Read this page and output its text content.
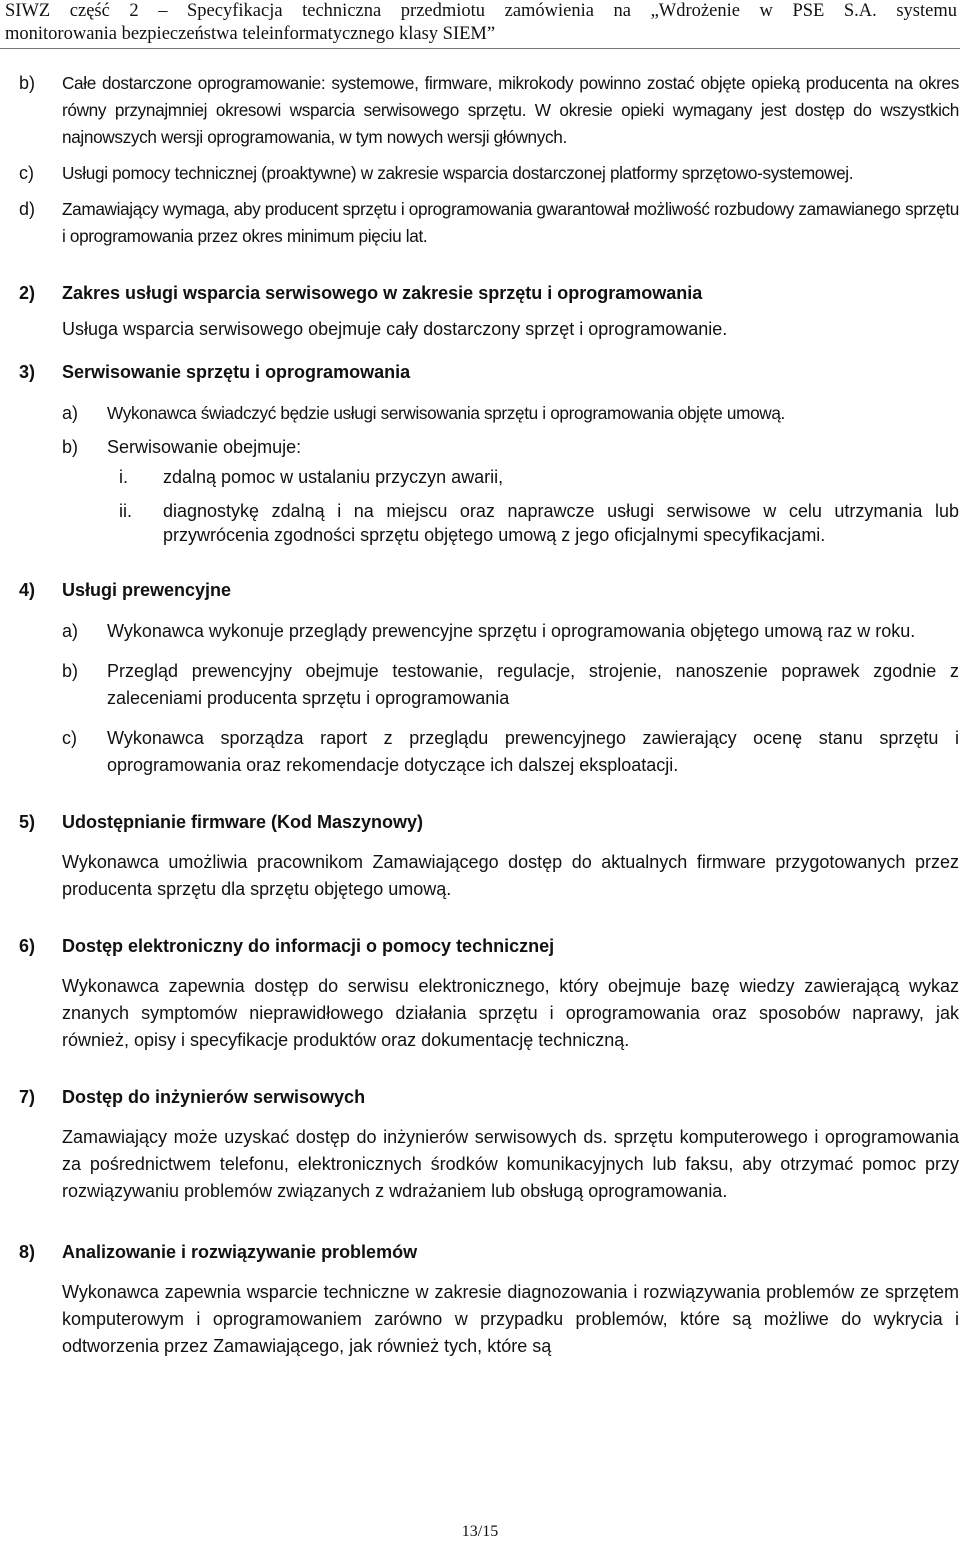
SIWZ część 2 – Specyfikacja techniczna przedmiotu zamówienia na „Wdrożenie w PSE S.A. systemu
monitorowania bezpieczeństwa teleinformatycznego klasy SIEM”
b) Całe dostarczone oprogramowanie: systemowe, firmware, mikrokody powinno zostać objęte opieką producenta na okres równy przynajmniej okresowi wsparcia serwisowego sprzętu. W okresie opieki wymagany jest dostęp do wszystkich najnowszych wersji oprogramowania, w tym nowych wersji głównych.
c) Usługi pomocy technicznej (proaktywne) w zakresie wsparcia dostarczonej platformy sprzętowo-systemowej.
d) Zamawiający wymaga, aby producent sprzętu i oprogramowania gwarantował możliwość rozbudowy zamawianego sprzętu i oprogramowania przez okres minimum pięciu lat.
2) Zakres usługi wsparcia serwisowego w zakresie sprzętu i oprogramowania
Usługa wsparcia serwisowego obejmuje cały dostarczony sprzęt i oprogramowanie.
3) Serwisowanie sprzętu i oprogramowania
a) Wykonawca świadczyć będzie usługi serwisowania sprzętu i oprogramowania objęte umową.
b) Serwisowanie obejmuje:
i. zdalną pomoc w ustalaniu przyczyn awarii,
ii. diagnostykę zdalną i na miejscu oraz naprawcze usługi serwisowe w celu utrzymania lub przywrócenia zgodności sprzętu objętego umową z jego oficjalnymi specyfikacjami.
4) Usługi prewencyjne
a) Wykonawca wykonuje przeglądy prewencyjne sprzętu i oprogramowania objętego umową raz w roku.
b) Przegląd prewencyjny obejmuje testowanie, regulacje, strojenie, nanoszenie poprawek zgodnie z zaleceniami producenta sprzętu i oprogramowania
c) Wykonawca sporządza raport z przeglądu prewencyjnego zawierający ocenę stanu sprzętu i oprogramowania oraz rekomendacje dotyczące ich dalszej eksploatacji.
5) Udostępnianie firmware (Kod Maszynowy)
Wykonawca umożliwia pracownikom Zamawiającego dostęp do aktualnych firmware przygotowanych przez producenta sprzętu dla sprzętu objętego umową.
6) Dostęp elektroniczny do informacji o pomocy technicznej
Wykonawca zapewnia dostęp do serwisu elektronicznego, który obejmuje bazę wiedzy zawierającą wykaz znanych symptomów nieprawidłowego działania sprzętu i oprogramowania oraz sposobów naprawy, jak również, opisy i specyfikacje produktów oraz dokumentację techniczną.
7) Dostęp do inżynierów serwisowych
Zamawiający może uzyskać dostęp do inżynierów serwisowych ds. sprzętu komputerowego i oprogramowania za pośrednictwem telefonu, elektronicznych środków komunikacyjnych lub faksu, aby otrzymać pomoc przy rozwiązywaniu problemów związanych z wdrażaniem lub obsługą oprogramowania.
8) Analizowanie i rozwiązywanie problemów
Wykonawca zapewnia wsparcie techniczne w zakresie diagnozowania i rozwiązywania problemów ze sprzętem komputerowym i oprogramowaniem zarówno w przypadku problemów, które są możliwe do wykrycia i odtworzenia przez Zamawiającego, jak również tych, które są
13/15
